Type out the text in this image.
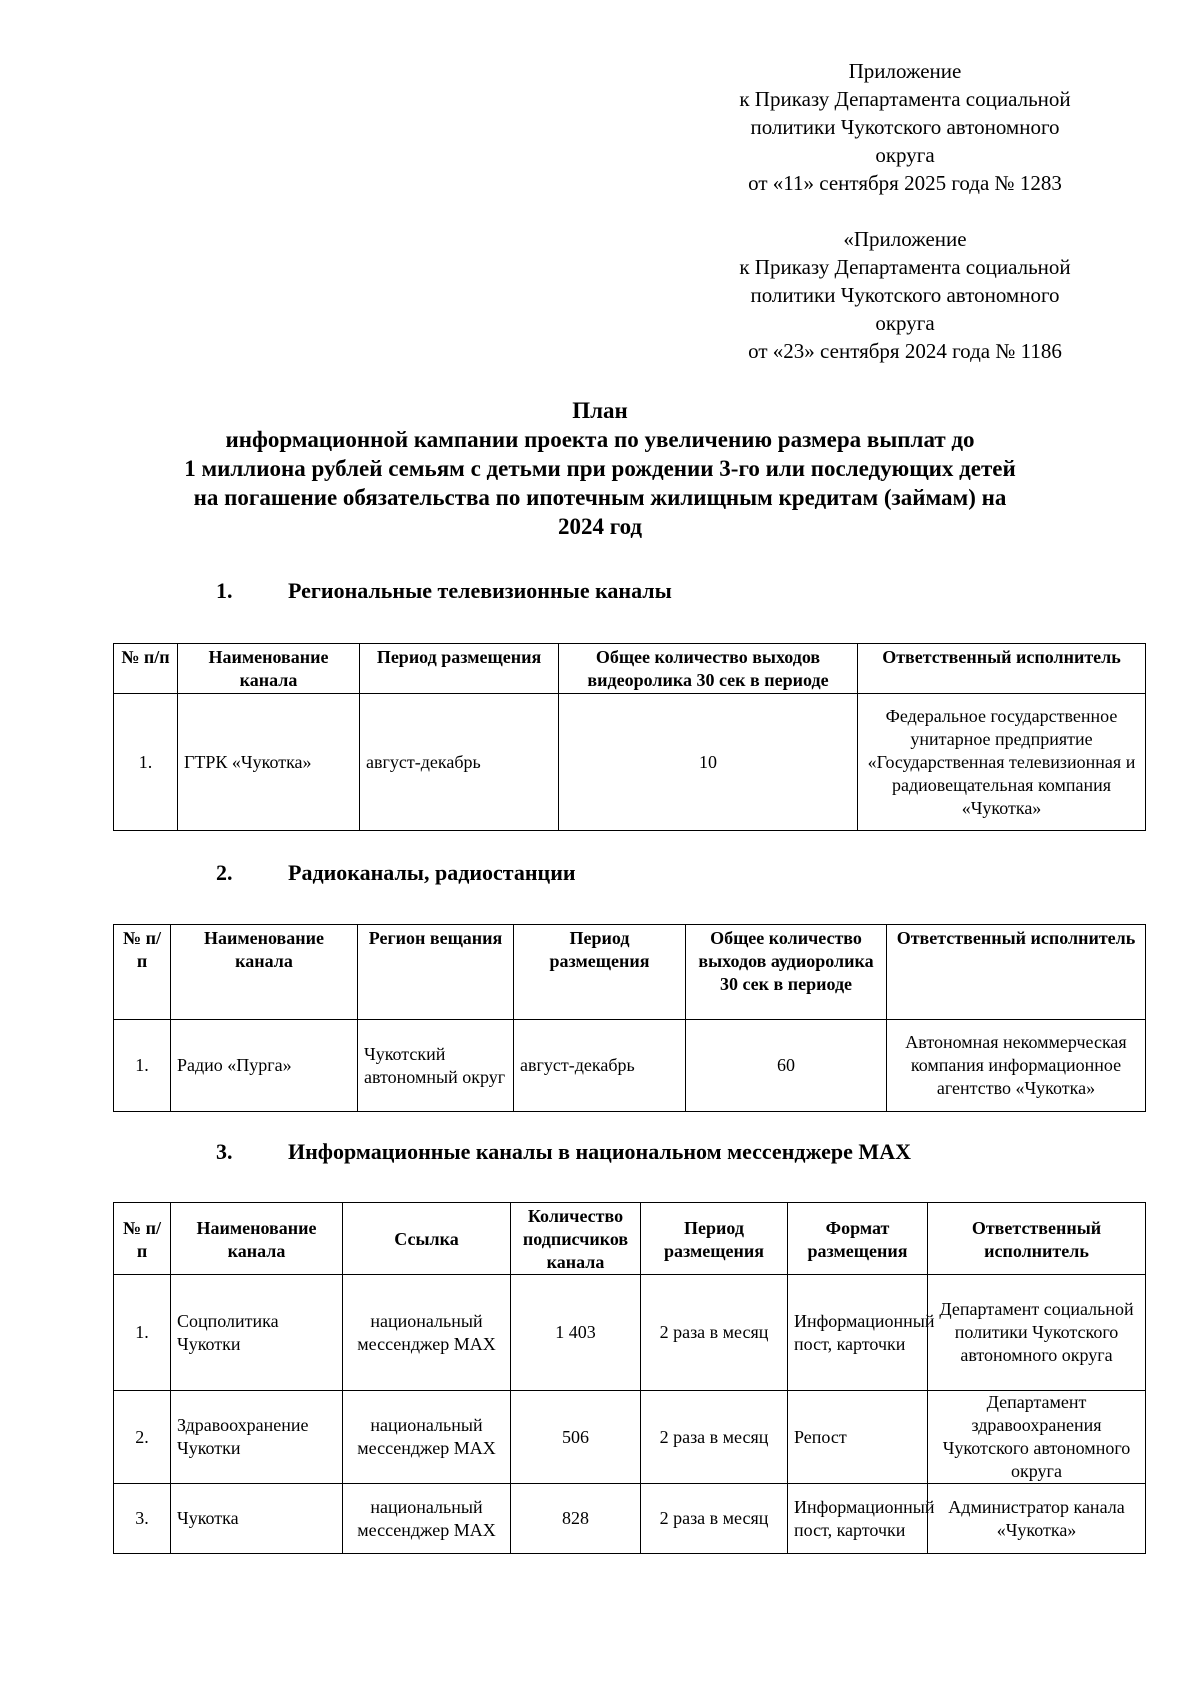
Приложение
к Приказу Департамента социальной
политики Чукотского автономного
округа
от «11» сентября 2025 года № 1283
«Приложение
к Приказу Департамента социальной
политики Чукотского автономного
округа
от «23» сентября 2024 года № 1186
План
информационной кампании проекта по увеличению размера выплат до
1 миллиона рублей семьям с детьми при рождении 3-го или последующих детей
на погашение обязательства по ипотечным жилищным кредитам (займам) на
2024 год
1.	Региональные телевизионные каналы
№ п/п	Наименование канала	Период размещения	Общее количество выходов видеоролика 30 сек в периоде	Ответственный исполнитель
1.	ГТРК «Чукотка»	август-декабрь	10	Федеральное государственное унитарное предприятие «Государственная телевизионная и радиовещательная компания «Чукотка»
2.	Радиоканалы, радиостанции
№ п/п	Наименование канала	Регион вещания	Период размещения	Общее количество выходов аудиоролика 30 сек в периоде	Ответственный исполнитель
1.	Радио «Пурга»	Чукотский автономный округ	август-декабрь	60	Автономная некоммерческая компания информационное агентство «Чукотка»
3.	Информационные каналы в национальном мессенджере МАХ
№ п/п	Наименование канала	Ссылка	Количество подписчиков канала	Период размещения	Формат размещения	Ответственный исполнитель
1.	Соцполитика Чукотки	национальный мессенджер МАХ	1 403	2 раза в месяц	Информационный пост, карточки	Департамент социальной политики Чукотского автономного округа
2.	Здравоохранение Чукотки	национальный мессенджер МАХ	506	2 раза в месяц	Репост	Департамент здравоохранения Чукотского автономного округа
3.	Чукотка	национальный мессенджер МАХ	828	2 раза в месяц	Информационный пост, карточки	Администратор канала «Чукотка»
